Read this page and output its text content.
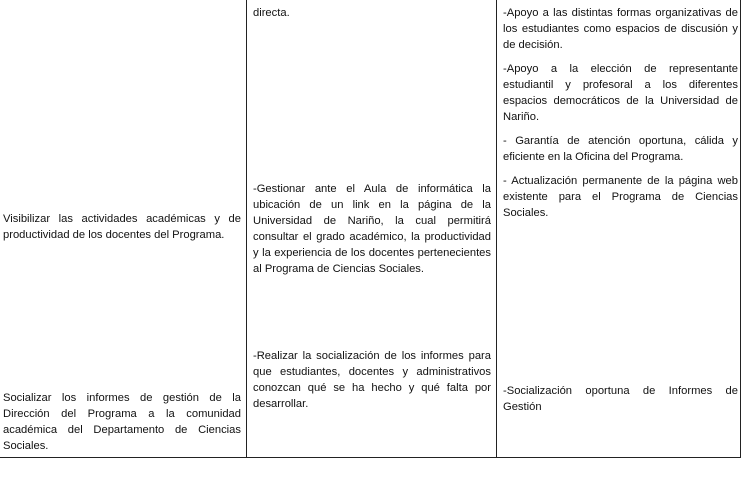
directa.	-Apoyo a las distintas formas organizativas de los estudiantes como espacios de discusión y de decisión.

-Apoyo a la elección de representante estudiantil y profesoral a los diferentes espacios democráticos de la Universidad de Nariño.

- Garantía de atención oportuna, cálida y eficiente en la Oficina del Programa.

- Actualización permanente de la página web existente para el Programa de Ciencias Sociales.

Visibilizar las actividades académicas y de productividad de los docentes del Programa.

-Gestionar ante el Aula de informática la ubicación de un link en la página de la Universidad de Nariño, la cual permitirá consultar el grado académico, la productividad y la experiencia de los docentes pertenecientes al Programa de Ciencias Sociales.

Socializar los informes de gestión de la Dirección del Programa a la comunidad académica del Departamento de Ciencias Sociales.

-Realizar la socialización de los informes para que estudiantes, docentes y administrativos conozcan qué se ha hecho y qué falta por desarrollar.

-Socialización oportuna de Informes de Gestión
